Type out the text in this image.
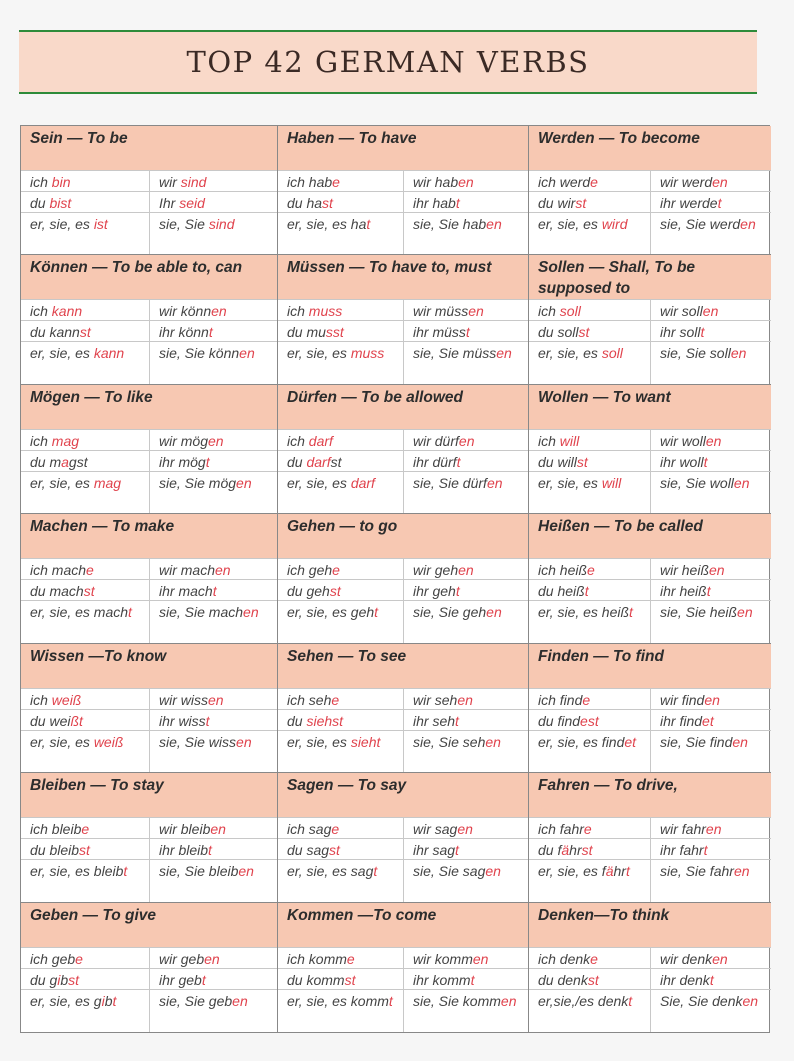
TOP 42 GERMAN VERBS
Sein — To be
ich bin	wir sind
du bist	Ihr seid
er, sie, es ist	sie, Sie sind
Haben — To have
ich habe	wir haben
du hast	ihr habt
er, sie, es hat	sie, Sie haben
Werden — To become
ich werde	wir werden
du wirst	ihr werdet
er, sie, es wird	sie, Sie werden
Können — To be able to, can
ich kann	wir können
du kannst	ihr könnt
er, sie, es kann	sie, Sie können
Müssen — To have to, must
ich muss	wir müssen
du musst	ihr müsst
er, sie, es muss	sie, Sie müssen
Sollen — Shall, To be supposed to
ich soll	wir sollen
du sollst	ihr sollt
er, sie, es soll	sie, Sie sollen
Mögen — To like
ich mag	wir mögen
du magst	ihr mögt
er, sie, es mag	sie, Sie mögen
Dürfen — To be allowed
ich darf	wir dürfen
du darfst	ihr dürft
er, sie, es darf	sie, Sie dürfen
Wollen — To want
ich will	wir wollen
du willst	ihr wollt
er, sie, es will	sie, Sie wollen
Machen — To make
ich mache	wir machen
du machst	ihr macht
er, sie, es macht	sie, Sie machen
Gehen — to go
ich gehe	wir gehen
du gehst	ihr geht
er, sie, es geht	sie, Sie gehen
Heißen — To be called
ich heiße	wir heißen
du heißt	ihr heißt
er, sie, es heißt	sie, Sie heißen
Wissen —To know
ich weiß	wir wissen
du weißt	ihr wisst
er, sie, es weiß	sie, Sie wissen
Sehen — To see
ich sehe	wir sehen
du siehst	ihr seht
er, sie, es sieht	sie, Sie sehen
Finden — To find
ich finde	wir finden
du findest	ihr findet
er, sie, es findet	sie, Sie finden
Bleiben — To stay
ich bleibe	wir bleiben
du bleibst	ihr bleibt
er, sie, es bleibt	sie, Sie bleiben
Sagen — To say
ich sage	wir sagen
du sagst	ihr sagt
er, sie, es sagt	sie, Sie sagen
Fahren — To drive,
ich fahre	wir fahren
du fährst	ihr fahrt
er, sie, es fährt	sie, Sie fahren
Geben — To give
ich gebe	wir geben
du gibst	ihr gebt
er, sie, es gibt	sie, Sie geben
Kommen —To come
ich komme	wir kommen
du kommst	ihr kommt
er, sie, es kommt	sie, Sie kommen
Denken—To think
ich denke	wir denken
du denkst	ihr denkt
er,sie,/es denkt	Sie, Sie denken
